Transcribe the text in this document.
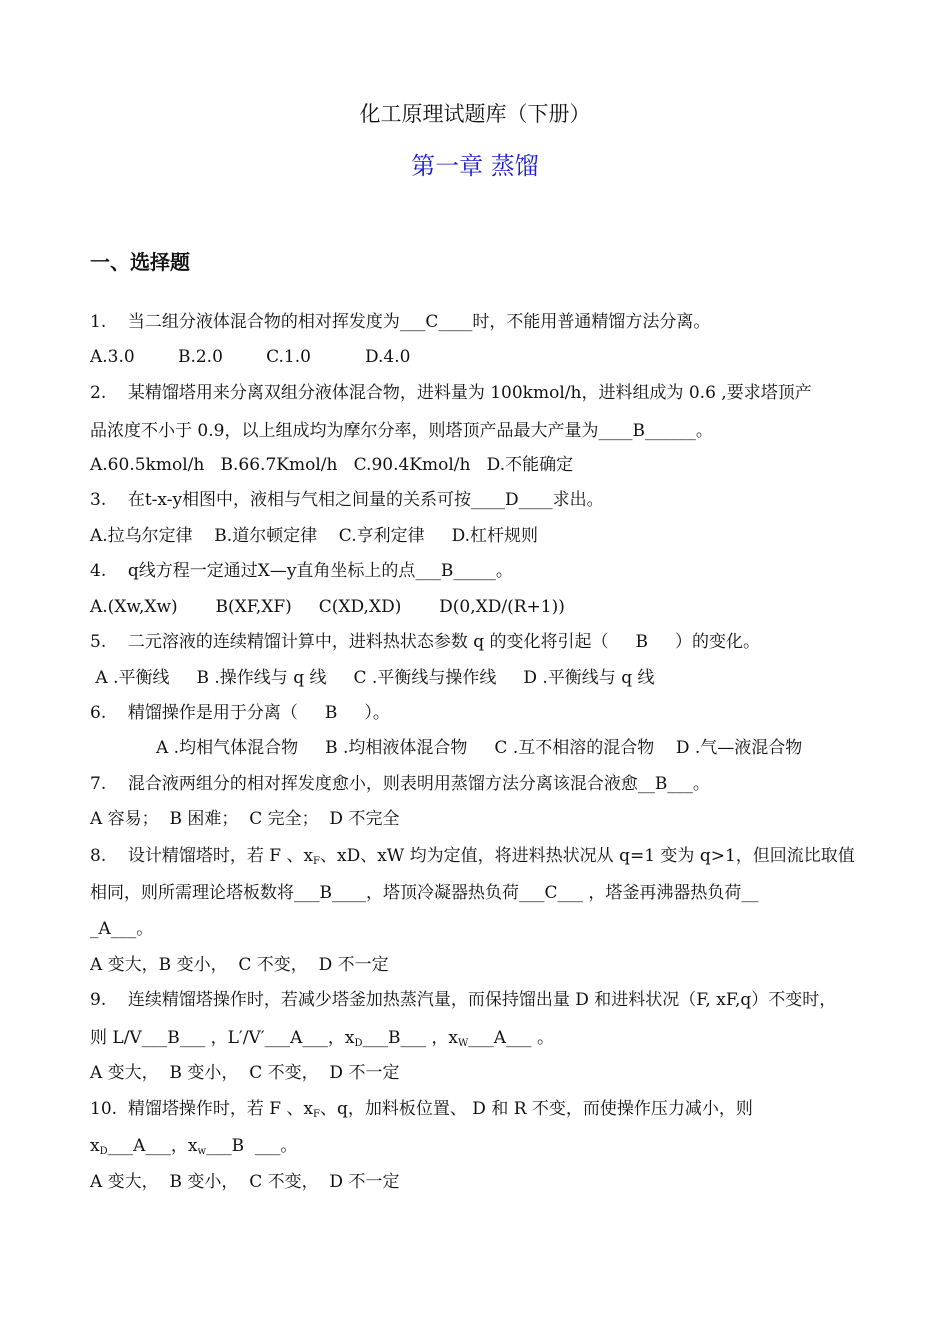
化工原理试题库（下册）
第一章 蒸馏
一、选择题
1.    当二组分液体混合物的相对挥发度为___C____时，不能用普通精馏方法分离。
A.3.0        B.2.0        C.1.0          D.4.0
2.    某精馏塔用来分离双组分液体混合物，进料量为 100kmol/h，进料组成为 0.6 ,要求塔顶产
品浓度不小于 0.9，以上组成均为摩尔分率，则塔顶产品最大产量为____B______。
A.60.5kmol/h   B.66.7Kmol/h   C.90.4Kmol/h   D.不能确定
3.    在t-x-y相图中，液相与气相之间量的关系可按____D____求出。
A.拉乌尔定律    B.道尔顿定律    C.亨利定律     D.杠杆规则
4.    q线方程一定通过X—y直角坐标上的点___B_____。
A.(Xw,Xw)       B(XF,XF)     C(XD,XD)       D(0,XD/(R+1))
5.    二元溶液的连续精馏计算中，进料热状态参数 q 的变化将引起（     B     ）的变化。
A .平衡线     B .操作线与 q 线     C .平衡线与操作线     D .平衡线与 q 线
6.    精馏操作是用于分离（     B     ）。
A .均相气体混合物     B .均相液体混合物     C .互不相溶的混合物    D .气—液混合物
7.    混合液两组分的相对挥发度愈小，则表明用蒸馏方法分离该混合液愈__B___。
A 容易；  B 困难；  C 完全；  D 不完全
8.    设计精馏塔时，若 F 、$x_F$、xD、xW 均为定值，将进料热状况从 q=1 变为 q>1，但回流比取值
相同，则所需理论塔板数将___B____，塔顶冷凝器热负荷___C___ ，塔釜再沸器热负荷__
_A___。
A 变大，B 变小，  C 不变，  D 不一定
9.    连续精馏塔操作时，若减少塔釜加热蒸汽量，而保持馏出量 D 和进料状况（F, xF,q）不变时，
则 L/V___B___ ，L′/V′___A___，$x_D\_\_\_B\_\_\_$ ，$x_W\_\_\_A\_\_\_$ 。
A 变大，  B 变小，  C 不变，  D 不一定
10.  精馏塔操作时，若 F 、$x_F$、q，加料板位置、 D 和 R 不变，而使操作压力减小，则
$x_D\_\_\_A\_\_\_$，$x_w\_\_\_B$  ___。
A 变大，  B 变小，  C 不变，  D 不一定
